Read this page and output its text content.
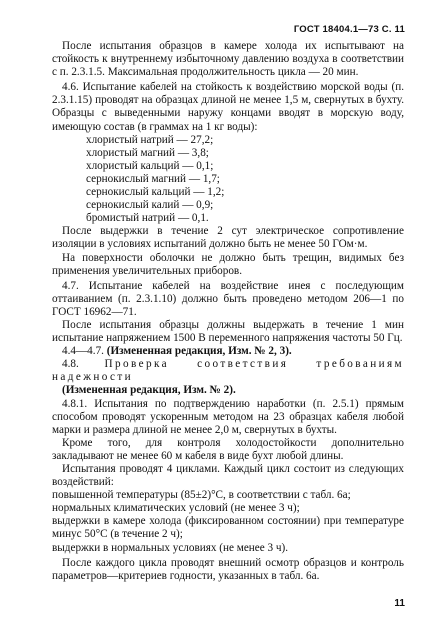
ГОСТ 18404.1—73 С. 11

После испытания образцов в камере холода их испытывают на стойкость к внутреннему избыточному давлению воздуха в соответствии с п. 2.3.1.5. Максимальная продолжительность цикла — 20 мин.

4.6. Испытание кабелей на стойкость к воздействию морской воды (п. 2.3.1.15) проводят на образцах длиной не менее 1,5 м, свернутых в бухту. Образцы с выведенными наружу концами вводят в морскую воду, имеющую состав (в граммах на 1 кг воды):

хлористый натрий — 27,2;
хлористый магний — 3,8;
хлористый кальций — 0,1;
сернокислый магний — 1,7;
сернокислый кальций — 1,2;
сернокислый калий — 0,9;
бромистый натрий — 0,1.

После выдержки в течение 2 сут электрическое сопротивление изоляции в условиях испытаний должно быть не менее 50 ГОм·м.

На поверхности оболочки не должно быть трещин, видимых без применения увеличительных приборов.

4.7. Испытание кабелей на воздействие инея с последующим оттаиванием (п. 2.3.1.10) должно быть проведено методом 206—1 по ГОСТ 16962—71.

После испытания образцы должны выдержать в течение 1 мин испытание напряжением 1500 В переменного напряжения частоты 50 Гц.

4.4—4.7. (Измененная редакция, Изм. № 2, 3).

4.8. Проверка соответствия требованиям надежности

(Измененная редакция, Изм. № 2).

4.8.1. Испытания по подтверждению наработки (п. 2.5.1) прямым способом проводят ускоренным методом на 23 образцах кабеля любой марки и размера длиной не менее 2,0 м, свернутых в бухты.

Кроме того, для контроля холодостойкости дополнительно закладывают не менее 60 м кабеля в виде бухт любой длины.

Испытания проводят 4 циклами. Каждый цикл состоит из следующих воздействий:

повышенной температуры (85±2)°С, в соответствии с табл. 6а;

нормальных климатических условий (не менее 3 ч);

выдержки в камере холода (фиксированном состоянии) при температуре минус 50°С (в течение 2 ч);

выдержки в нормальных условиях (не менее 3 ч).

После каждого цикла проводят внешний осмотр образцов и контроль параметров—критериев годности, указанных в табл. 6а.

11
